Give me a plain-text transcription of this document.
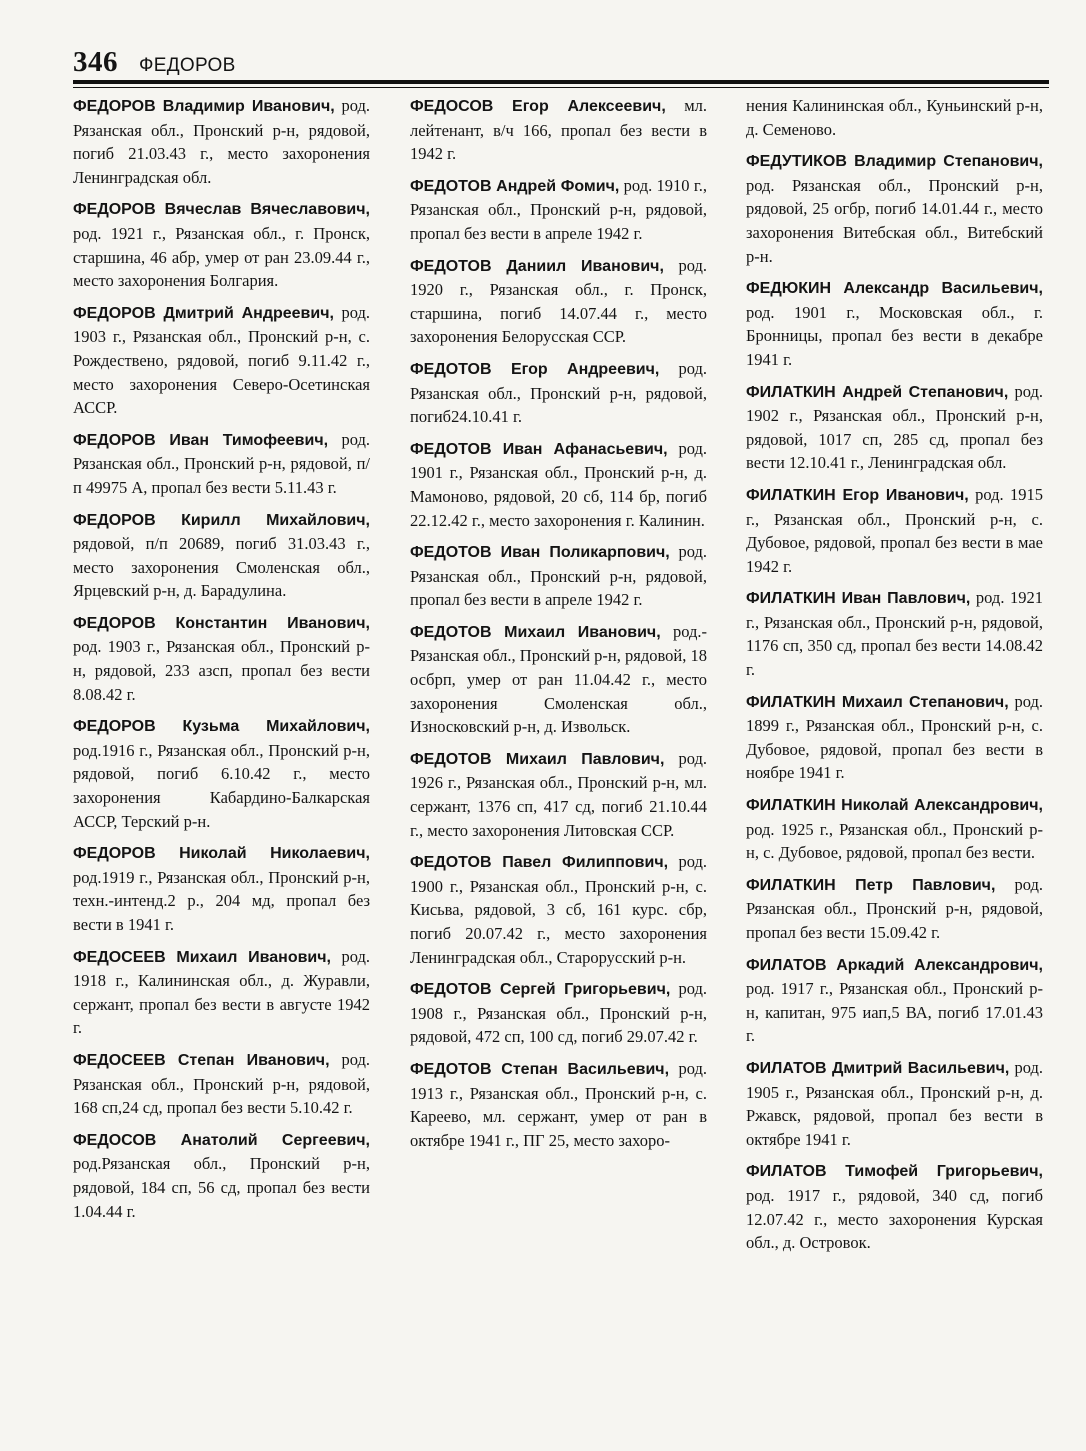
346 ФЕДОРОВ

ФЕДОРОВ Владимир Иванович, род. Рязанская обл., Пронский р-н, рядовой, погиб 21.03.43 г., место захоронения Ленинградская обл.

ФЕДОРОВ Вячеслав Вячеславович, род. 1921 г., Рязанская обл., г. Пронск, старшина, 46 абр, умер от ран 23.09.44 г., место захоронения Болгария.

ФЕДОРОВ Дмитрий Андреевич, род. 1903 г., Рязанская обл., Пронский р-н, с. Рождествено, рядовой, погиб 9.11.42 г., место захоронения Северо-Осетинская АССР.

ФЕДОРОВ Иван Тимофеевич, род. Рязанская обл., Пронский р-н, рядовой, п/п 49975 А, пропал без вести 5.11.43 г.

ФЕДОРОВ Кирилл Михайлович, рядовой, п/п 20689, погиб 31.03.43 г., место захоронения Смоленская обл., Ярцевский р-н, д. Барадулина.

ФЕДОРОВ Константин Иванович, род. 1903 г., Рязанская обл., Пронский р-н, рядовой, 233 азсп, пропал без вести 8.08.42 г.

ФЕДОРОВ Кузьма Михайлович, род.1916 г., Рязанская обл., Пронский р-н, рядовой, погиб 6.10.42 г., место захоронения Кабардино-Балкарская АССР, Терский р-н.

ФЕДОРОВ Николай Николаевич, род.1919 г., Рязанская обл., Пронский р-н, техн.-интенд.2 р., 204 мд, пропал без вести в 1941 г.

ФЕДОСЕЕВ Михаил Иванович, род. 1918 г., Калининская обл., д. Журавли, сержант, пропал без вести в августе 1942 г.

ФЕДОСЕЕВ Степан Иванович, род. Рязанская обл., Пронский р-н, рядовой, 168 сп,24 сд, пропал без вести 5.10.42 г.

ФЕДОСОВ Анатолий Сергеевич, род.Рязанская обл., Пронский р-н, рядовой, 184 сп, 56 сд, пропал без вести 1.04.44 г.

ФЕДОСОВ Егор Алексеевич, мл. лейтенант, в/ч 166, пропал без вести в 1942 г.

ФЕДОТОВ Андрей Фомич, род. 1910 г., Рязанская обл., Пронский р-н, рядовой, пропал без вести в апреле 1942 г.

ФЕДОТОВ Даниил Иванович, род. 1920 г., Рязанская обл., г. Пронск, старшина, погиб 14.07.44 г., место захоронения Белорусская ССР.

ФЕДОТОВ Егор Андреевич, род. Рязанская обл., Пронский р-н, рядовой, погиб24.10.41 г.

ФЕДОТОВ Иван Афанасьевич, род. 1901 г., Рязанская обл., Пронский р-н, д. Мамоново, рядовой, 20 сб, 114 бр, погиб 22.12.42 г., место захоронения г. Калинин.

ФЕДОТОВ Иван Поликарпович, род. Рязанская обл., Пронский р-н, рядовой, пропал без вести в апреле 1942 г.

ФЕДОТОВ Михаил Иванович, род.- Рязанская обл., Пронский р-н, рядовой, 18 осбрп, умер от ран 11.04.42 г., место захоронения Смоленская обл., Износковский р-н, д. Извольск.

ФЕДОТОВ Михаил Павлович, род. 1926 г., Рязанская обл., Пронский р-н, мл. сержант, 1376 сп, 417 сд, погиб 21.10.44 г., место захоронения Литовская ССР.

ФЕДОТОВ Павел Филиппович, род. 1900 г., Рязанская обл., Пронский р-н, с. Кисьва, рядовой, 3 сб, 161 курс. сбр, погиб 20.07.42 г., место захоронения Ленинградская обл., Старорусский р-н.

ФЕДОТОВ Сергей Григорьевич, род. 1908 г., Рязанская обл., Пронский р-н, рядовой, 472 сп, 100 сд, погиб 29.07.42 г.

ФЕДОТОВ Степан Васильевич, род. 1913 г., Рязанская обл., Пронский р-н, с. Кареево, мл. сержант, умер от ран в октябре 1941 г., ПГ 25, место захоро-

нения Калининская обл., Куньинский р-н, д. Семеново.

ФЕДУТИКОВ Владимир Степанович, род. Рязанская обл., Пронский р-н, рядовой, 25 огбр, погиб 14.01.44 г., место захоронения Витебская обл., Витебский р-н.

ФЕДЮКИН Александр Васильевич, род. 1901 г., Московская обл., г. Бронницы, пропал без вести в декабре 1941 г.

ФИЛАТКИН Андрей Степанович, род. 1902 г., Рязанская обл., Пронский р-н, рядовой, 1017 сп, 285 сд, пропал без вести 12.10.41 г., Ленинградская обл.

ФИЛАТКИН Егор Иванович, род. 1915 г., Рязанская обл., Пронский р-н, с. Дубовое, рядовой, пропал без вести в мае 1942 г.

ФИЛАТКИН Иван Павлович, род. 1921 г., Рязанская обл., Пронский р-н, рядовой, 1176 сп, 350 сд, пропал без вести 14.08.42 г.

ФИЛАТКИН Михаил Степанович, род. 1899 г., Рязанская обл., Пронский р-н, с. Дубовое, рядовой, пропал без вести в ноябре 1941 г.

ФИЛАТКИН Николай Александрович, род. 1925 г., Рязанская обл., Пронский р-н, с. Дубовое, рядовой, пропал без вести.

ФИЛАТКИН Петр Павлович, род. Рязанская обл., Пронский р-н, рядовой, пропал без вести 15.09.42 г.

ФИЛАТОВ Аркадий Александрович, род. 1917 г., Рязанская обл., Пронский р-н, капитан, 975 иап,5 ВА, погиб 17.01.43 г.

ФИЛАТОВ Дмитрий Васильевич, род. 1905 г., Рязанская обл., Пронский р-н, д. Ржавск, рядовой, пропал без вести в октябре 1941 г.

ФИЛАТОВ Тимофей Григорьевич, род. 1917 г., рядовой, 340 сд, погиб 12.07.42 г., место захоронения Курская обл., д. Островок.
